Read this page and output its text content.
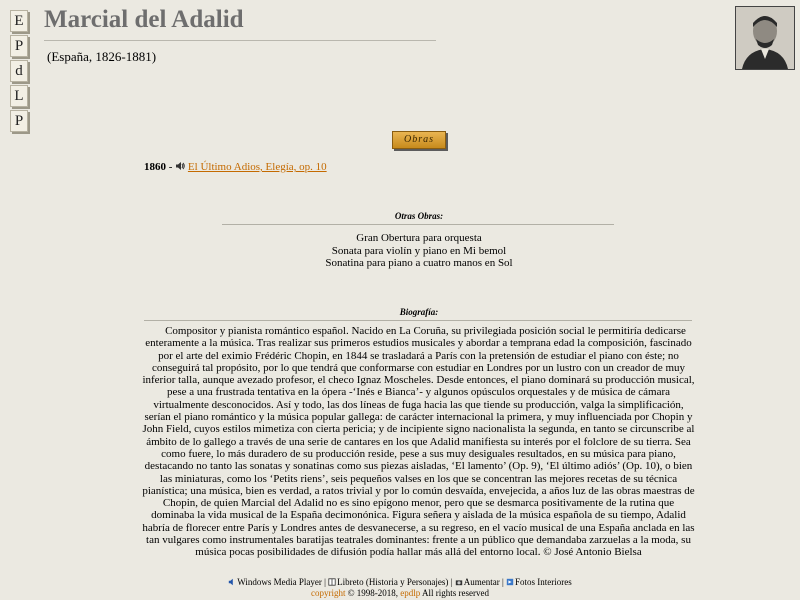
E
P
d
L
P
Marcial del Adalid
(España, 1826-1881)
Obras
1860 -  El Último Adios, Elegía, op. 10
Otras Obras:
Gran Obertura para orquesta
Sonata para violín y piano en Mi bemol
Sonatina para piano a cuatro manos en Sol
Biografía:

Compositor y pianista romántico español. Nacido en La Coruña, su privilegiada posición social le permitiría dedicarse enteramente a la música. Tras realizar sus primeros estudios musicales y abordar a temprana edad la composición, fascinado por el arte del eximio Frédéric Chopin, en 1844 se trasladará a París con la pretensión de estudiar el piano con éste; no conseguirá tal propósito, por lo que tendrá que conformarse con estudiar en Londres por un lustro con un creador de muy inferior talla, aunque avezado profesor, el checo Ignaz Moscheles. Desde entonces, el piano dominará su producción musical, pese a una frustrada tentativa en la ópera -‘Inés e Bianca’- y algunos opúsculos orquestales y de música de cámara virtualmente desconocidos. Así y todo, las dos líneas de fuga hacia las que tiende su producción, valga la simplificación, serían el piano romántico y la música popular gallega: de carácter internacional la primera, y muy influenciada por Chopin y John Field, cuyos estilos mimetiza con cierta pericia; y de incipiente signo nacionalista la segunda, en tanto se circunscribe al ámbito de lo gallego a través de una serie de cantares en los que Adalid manifiesta su interés por el folclore de su tierra. Sea como fuere, lo más duradero de su producción reside, pese a sus muy desiguales resultados, en su música para piano, destacando no tanto las sonatas y sonatinas como sus piezas aisladas, ‘El lamento’ (Op. 9), ‘El último adiós’ (Op. 10), o bien las miniaturas, como los ‘Petits riens’, seis pequeños valses en los que se concentran las mejores recetas de su técnica pianística; una música, bien es verdad, a ratos trivial y por lo común desvaída, envejecida, a años luz de las obras maestras de Chopin, de quien Marcial del Adalid no es sino epígono menor, pero que se desmarca positivamente de la rutina que dominaba la vida musical de la España decimonónica. Figura señera y aislada de la música española de su tiempo, Adalid habría de florecer entre París y Londres antes de desvanecerse, a su regreso, en el vacío musical de una España anclada en las tan vulgares como instrumentales baratijas teatrales dominantes: frente a un público que demandaba zarzuelas a la moda, su música pocas posibilidades de difusión podía hallar más allá del entorno local. © José Antonio Bielsa

Windows Media Player | Libreto (Historia y Personajes) | Aumentar | Fotos Interiores
copyright © 1998-2018, epdlp All rights reserved
